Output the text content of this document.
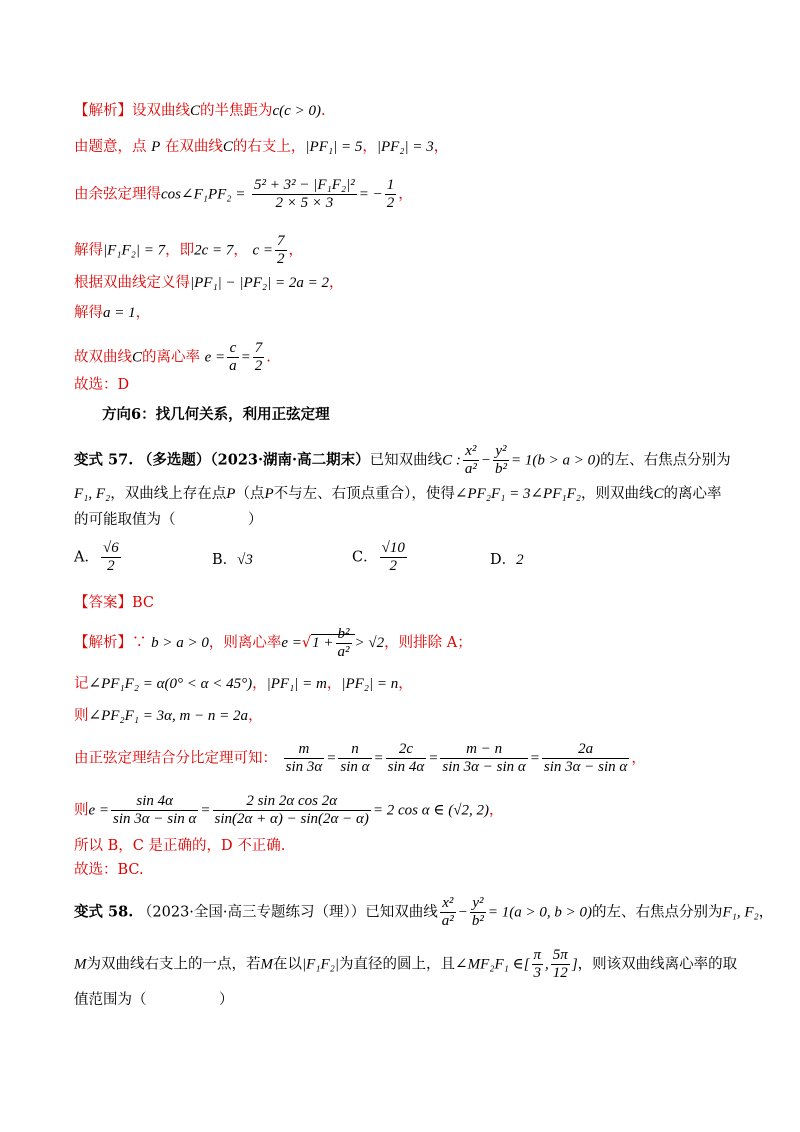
【解析】设双曲线C的半焦距为c(c > 0).
由题意，点 P 在双曲线C的右支上，|PF₁| = 5，|PF₂| = 3，
由余弦定理得cos∠F₁PF₂ = $\frac{\text{5² + 3² − |F₁F₂|²}}{2 \times 5 \times 3}$ = − $\frac{1}{2}$ ，
解得|F₁F₂| = 7，即2c = 7， $c = \frac{7}{2}$ ，
根据双曲线定义得|PF₁| − |PF₂| = 2a = 2，
解得a = 1，
故双曲线C的离心率 $e = \frac{c}{a} = \frac{7}{2}$ .
故选：D
方向6：找几何关系，利用正弦定理
变式 57. （多选题）（2023·湖南·高二期末）已知双曲线C : $\frac{\text{x²}}{\text{a²}} - \frac{\text{y²}}{\text{b²}} = 1(b > a > 0)$的左、右焦点分别为
F₁, F₂，双曲线上存在点P（点P不与左、右顶点重合），使得∠PF₂F₁ = 3∠PF₁F₂，则双曲线C的离心率
的可能取值为（　　　　　）
A． $\frac{√6}{2}$	B．√3	C． $\frac{√10}{2}$	D．2
【答案】BC
【解析】∵ b > a > 0，则离心率$e =√1 + \frac{\text{b²}}{\text{a²}} > √2$，则排除 A；
记∠PF₁F₂ = α(0° < α < 45°)，|PF₁| = m，|PF₂| = n，
则∠PF₂F₁ = 3α, m − n = 2a，
由正弦定理结合分比定理可知： $\frac{m}{\sin 3\alpha} = \frac{n}{\text{sin α}} = \frac{2c}{\sin 4\alpha} = \frac{m - n}{\text{sin 3α − sin α}} = \frac{2a}{\text{sin 3α − sin α}}$ ，
则$e = \frac{\sin 4\alpha}{\text{sin 3α − sin α}} = \frac{\text{2 sin 2α cos 2α}}{\sin(2\alpha + \alpha) - \sin(2\alpha - \alpha)} = 2$ cos α ∈ (√2, 2)，
所以 B，C 是正确的，D 不正确.
故选：BC.
变式 58. （2023·全国·高三专题练习（理））已知双曲线 $\frac{\text{x²}}{\text{a²}} - \frac{\text{y²}}{\text{b²}} = 1(a > 0$, b > 0)的左、右焦点分别为F₁, F₂，
M为双曲线右支上的一点，若M在以|F₁F₂|为直径的圆上，且∠MF₂F₁ ∈[ $\frac{\pi}{3}$ , $\frac{5\pi}{12}$ ]，则该双曲线离心率的取
值范围为（　　　　　）
